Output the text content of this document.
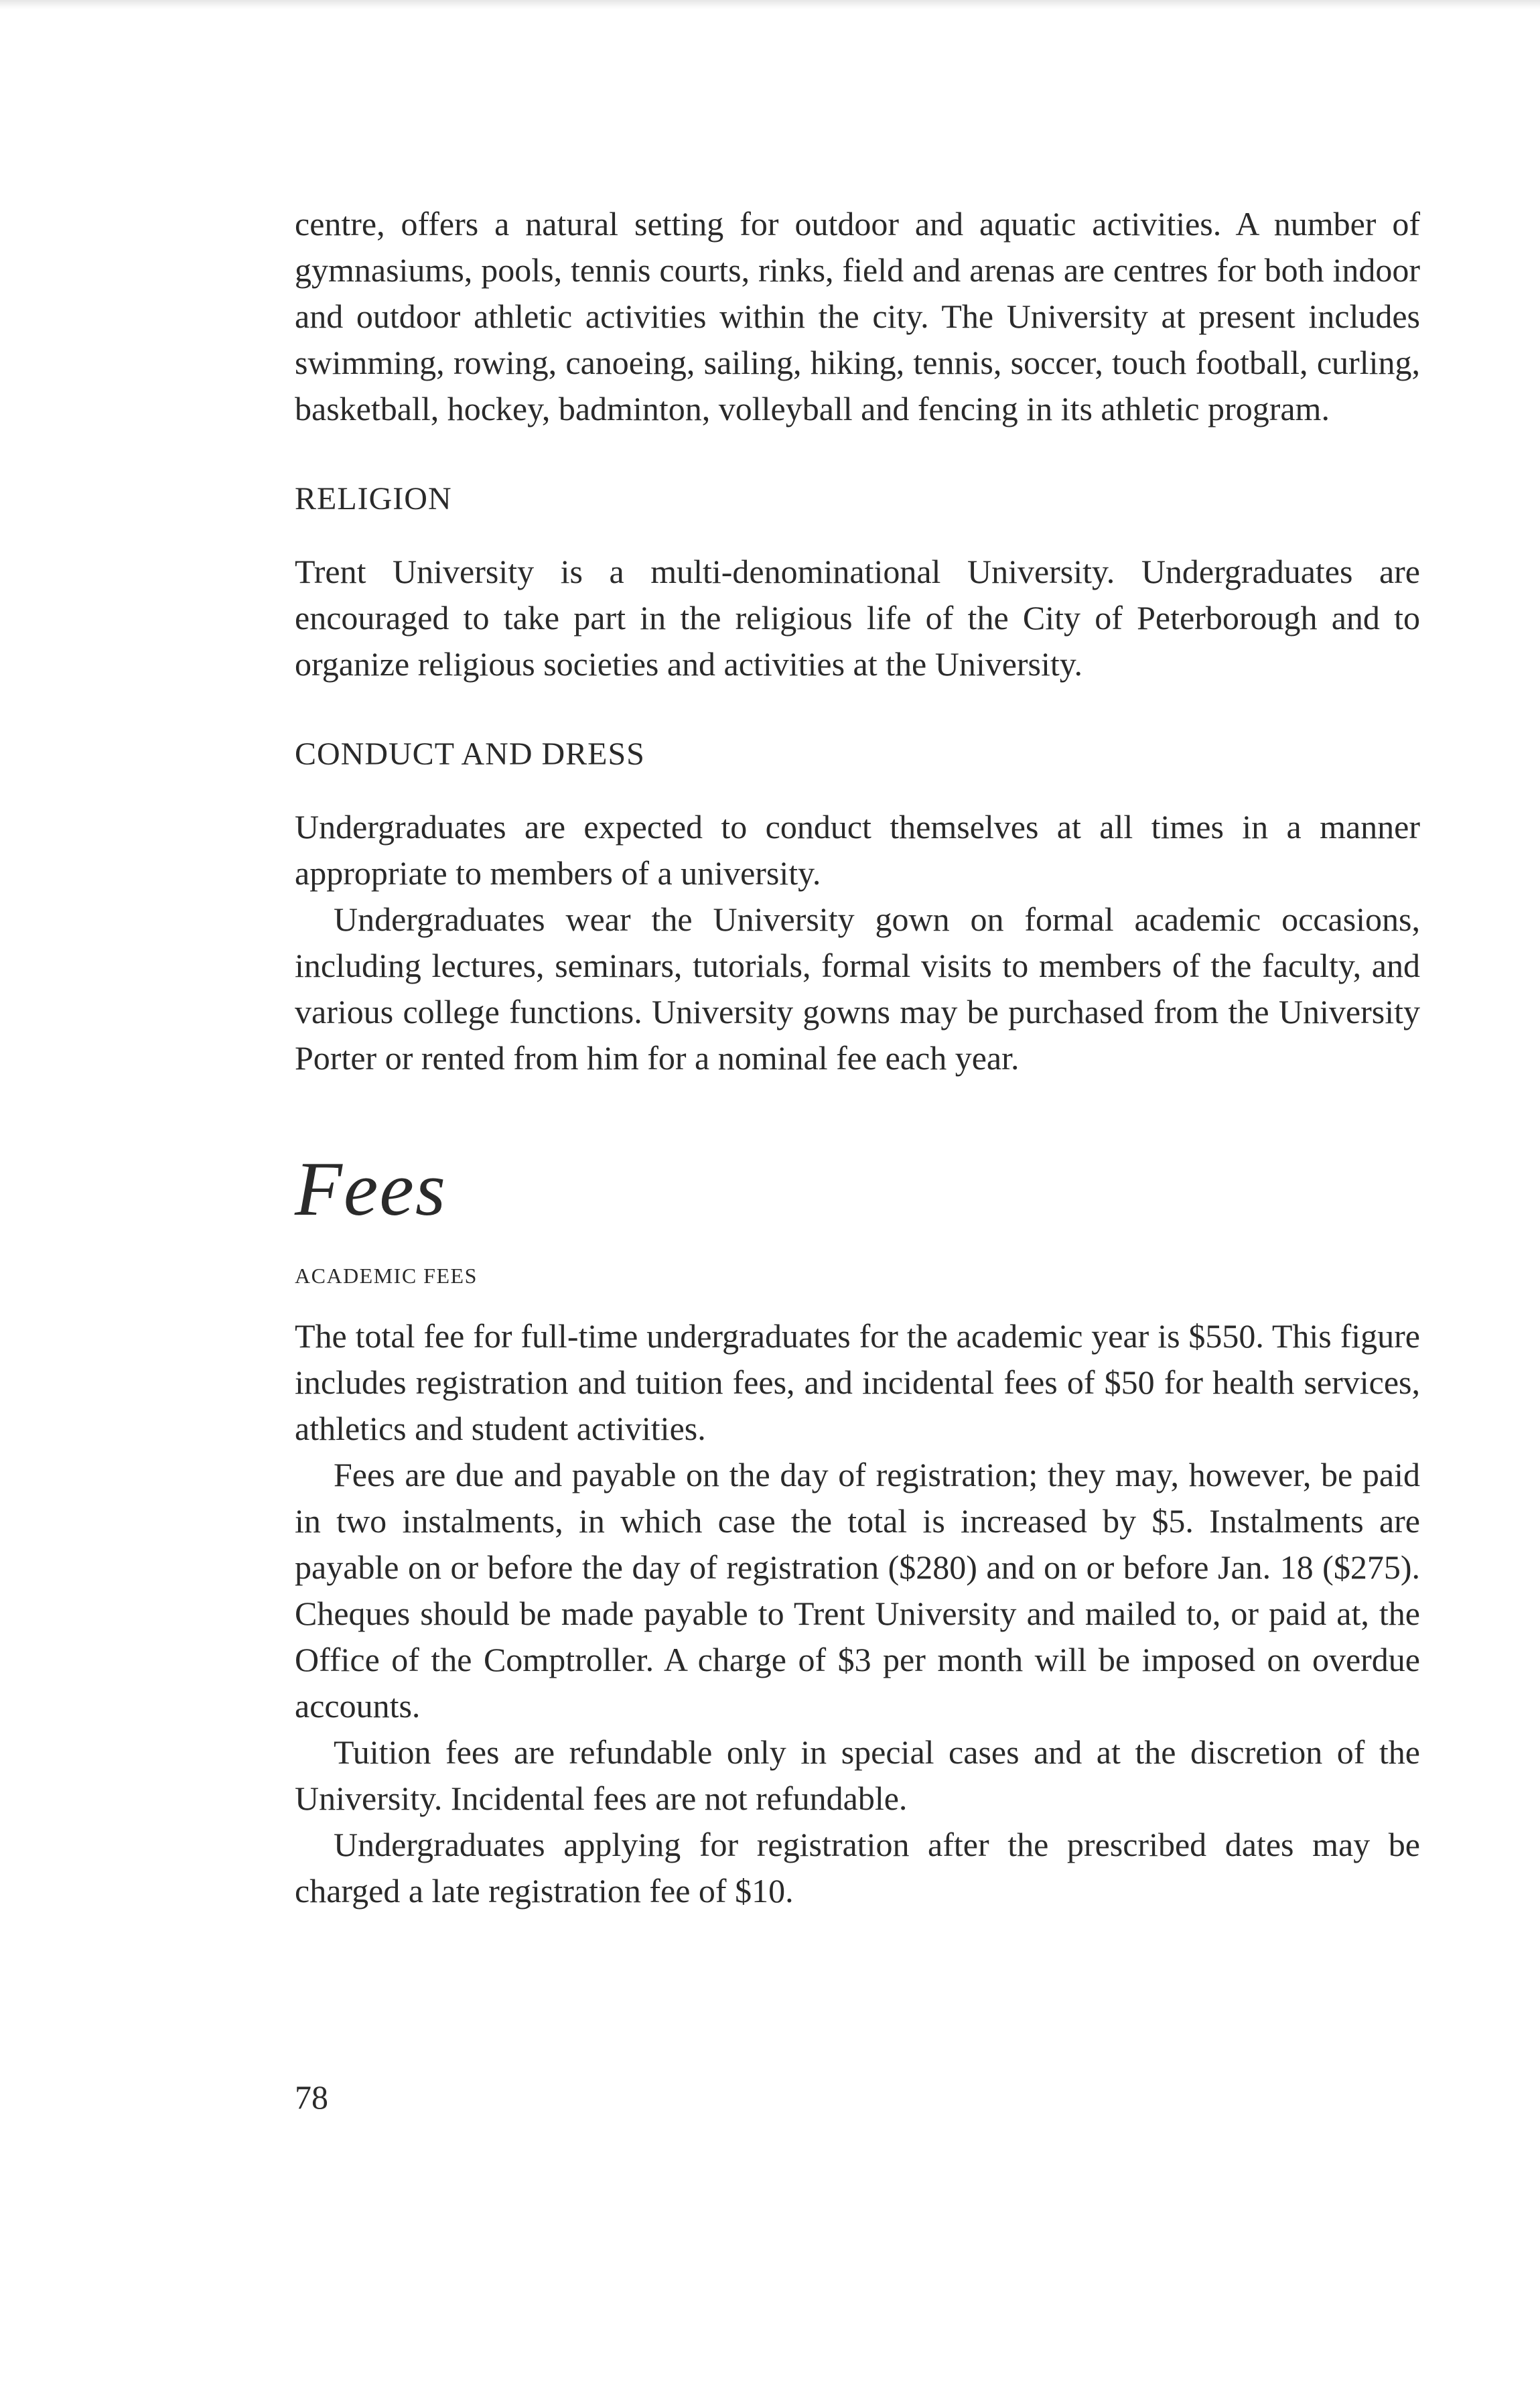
centre, offers a natural setting for outdoor and aquatic activities. A number of gymnasiums, pools, tennis courts, rinks, field and arenas are centres for both indoor and outdoor athletic activities within the city. The University at present includes swimming, rowing, canoeing, sailing, hiking, tennis, soccer, touch football, curling, basketball, hockey, badminton, volleyball and fencing in its athletic program.

RELIGION

Trent University is a multi-denominational University. Undergraduates are encouraged to take part in the religious life of the City of Peterborough and to organize religious societies and activities at the University.

CONDUCT AND DRESS

Undergraduates are expected to conduct themselves at all times in a manner appropriate to members of a university.

Undergraduates wear the University gown on formal academic occasions, including lectures, seminars, tutorials, formal visits to members of the faculty, and various college functions. University gowns may be purchased from the University Porter or rented from him for a nominal fee each year.

Fees
ACADEMIC FEES

The total fee for full-time undergraduates for the academic year is $550. This figure includes registration and tuition fees, and incidental fees of $50 for health services, athletics and student activities.

Fees are due and payable on the day of registration; they may, however, be paid in two instalments, in which case the total is increased by $5. Instalments are payable on or before the day of registration ($280) and on or before Jan. 18 ($275). Cheques should be made payable to Trent University and mailed to, or paid at, the Office of the Comptroller. A charge of $3 per month will be imposed on overdue accounts.

Tuition fees are refundable only in special cases and at the discretion of the University. Incidental fees are not refundable.

Undergraduates applying for registration after the prescribed dates may be charged a late registration fee of $10.

78
